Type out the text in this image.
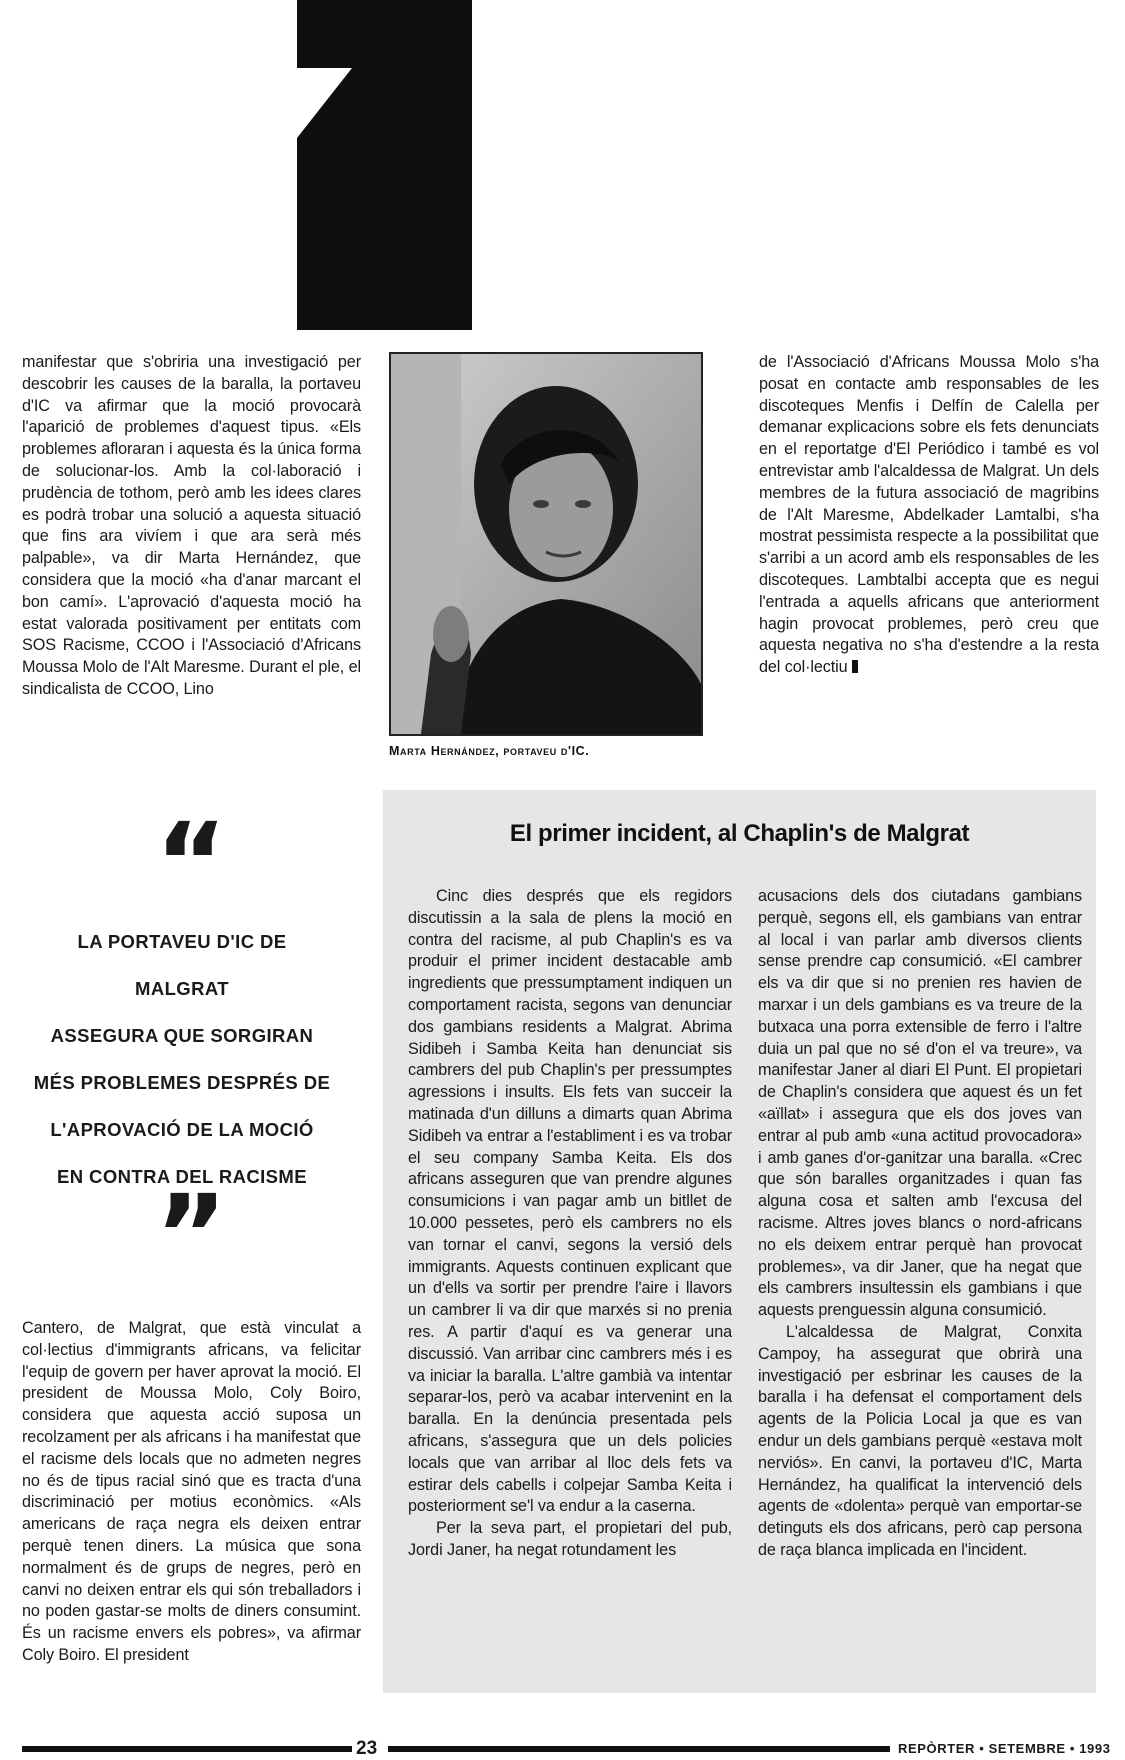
manifestar que s'obriria una investigació per descobrir les causes de la baralla, la portaveu d'IC va afirmar que la moció provocarà l'aparició de problemes d'aquest tipus. «Els problemes afloraran i aquesta és la única forma de solucionar-los. Amb la col·laboració i prudència de tothom, però amb les idees clares es podrà trobar una solució a aquesta situació que fins ara vivíem i que ara serà més palpable», va dir Marta Hernández, que considera que la moció «ha d'anar marcant el bon camí». L'aprovació d'aquesta moció ha estat valorada positivament per entitats com SOS Racisme, CCOO i l'Associació d'Africans Moussa Molo de l'Alt Maresme. Durant el ple, el sindicalista de CCOO, Lino

Marta Hernández, portaveu d'IC.

de l'Associació d'Africans Moussa Molo s'ha posat en contacte amb responsables de les discoteques Menfis i Delfín de Calella per demanar explicacions sobre els fets denunciats en el reportatge d'El Periódico i també es vol entrevistar amb l'alcaldessa de Malgrat. Un dels membres de la futura associació de magribins de l'Alt Maresme, Abdelkader Lamtalbi, s'ha mostrat pessimista respecte a la possibilitat que s'arribi a un acord amb els responsables de les discoteques. Lambtalbi accepta que es negui l'entrada a aquells africans que anteriorment hagin provocat problemes, però creu que aquesta negativa no s'ha d'estendre a la resta del col·lectiu

“
LA PORTAVEU D'IC DE MALGRAT
ASSEGURA QUE SORGIRAN
MÉS PROBLEMES DESPRÉS DE
L'APROVACIÓ DE LA MOCIÓ
EN CONTRA DEL RACISME
”

Cantero, de Malgrat, que està vinculat a col·lectius d'immigrants africans, va felicitar l'equip de govern per haver aprovat la moció. El president de Moussa Molo, Coly Boiro, considera que aquesta acció suposa un recolzament per als africans i ha manifestat que el racisme dels locals que no admeten negres no és de tipus racial sinó que es tracta d'una discriminació per motius econòmics. «Als americans de raça negra els deixen entrar perquè tenen diners. La música que sona normalment és de grups de negres, però en canvi no deixen entrar els qui són treballadors i no poden gastar-se molts de diners consumint. És un racisme envers els pobres», va afirmar Coly Boiro. El president

El primer incident, al Chaplin's de Malgrat

Cinc dies després que els regidors discutissin a la sala de plens la moció en contra del racisme, al pub Chaplin's es va produir el primer incident destacable amb ingredients que pressumptament indiquen un comportament racista, segons van denunciar dos gambians residents a Malgrat. Abrima Sidibeh i Samba Keita han denunciat sis cambrers del pub Chaplin's per pressumptes agressions i insults. Els fets van succeir la matinada d'un dilluns a dimarts quan Abrima Sidibeh va entrar a l'establiment i es va trobar el seu company Samba Keita. Els dos africans asseguren que van prendre algunes consumicions i van pagar amb un bitllet de 10.000 pessetes, però els cambrers no els van tornar el canvi, segons la versió dels immigrants. Aquests continuen explicant que un d'ells va sortir per prendre l'aire i llavors un cambrer li va dir que marxés si no prenia res. A partir d'aquí es va generar una discussió. Van arribar cinc cambrers més i es va iniciar la baralla. L'altre gambià va intentar separar-los, però va acabar intervenint en la baralla. En la denúncia presentada pels africans, s'assegura que un dels policies locals que van arribar al lloc dels fets va estirar dels cabells i colpejar Samba Keita i posteriorment se'l va endur a la caserna.

Per la seva part, el propietari del pub, Jordi Janer, ha negat rotundament les

acusacions dels dos ciutadans gambians perquè, segons ell, els gambians van entrar al local i van parlar amb diversos clients sense prendre cap consumició. «El cambrer els va dir que si no prenien res havien de marxar i un dels gambians es va treure de la butxaca una porra extensible de ferro i l'altre duia un pal que no sé d'on el va treure», va manifestar Janer al diari El Punt. El propietari de Chaplin's considera que aquest és un fet «aïllat» i assegura que els dos joves van entrar al pub amb «una actitud provocadora» i amb ganes d'or-ganitzar una baralla. «Crec que són baralles organitzades i quan fas alguna cosa et salten amb l'excusa del racisme. Altres joves blancs o nord-africans no els deixem entrar perquè han provocat problemes», va dir Janer, que ha negat que els cambrers insultessin els gambians i que aquests prenguessin alguna consumició.

L'alcaldessa de Malgrat, Conxita Campoy, ha assegurat que obrirà una investigació per esbrinar les causes de la baralla i ha defensat el comportament dels agents de la Policia Local ja que es van endur un dels gambians perquè «estava molt nerviós». En canvi, la portaveu d'IC, Marta Hernández, ha qualificat la intervenció dels agents de «dolenta» perquè van emportar-se detinguts els dos africans, però cap persona de raça blanca implicada en l'incident.

23	REPÒRTER • SETEMBRE • 1993
